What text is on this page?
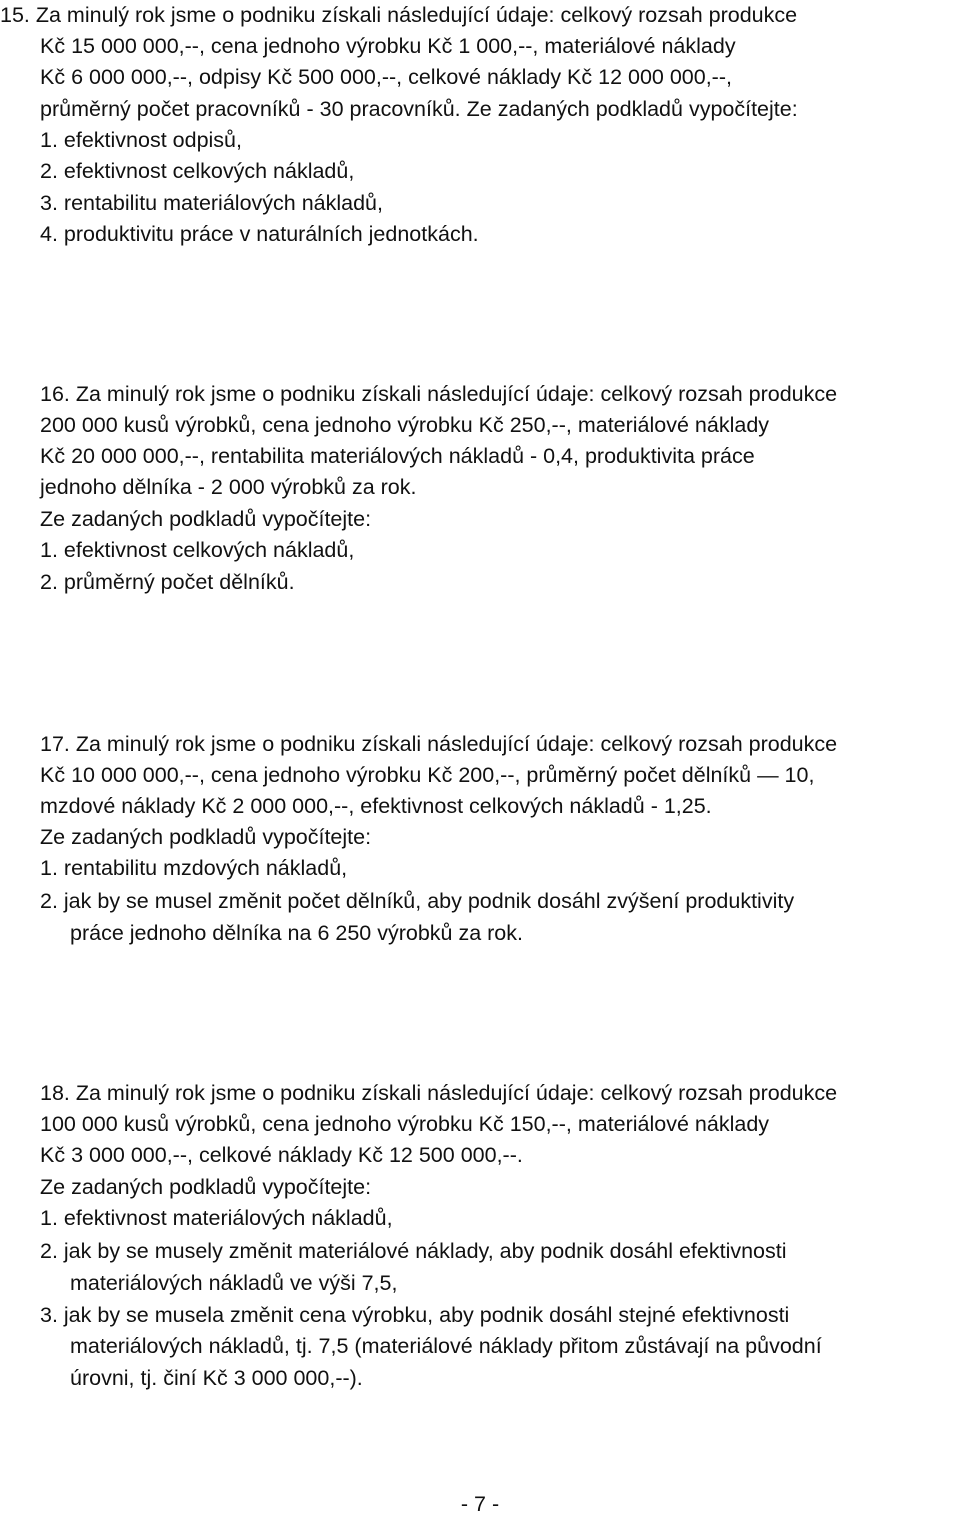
15. Za minulý rok jsme o podniku získali následující údaje: celkový rozsah produkce
Kč 15 000 000,--, cena jednoho výrobku Kč 1 000,--, materiálové náklady
Kč 6 000 000,--, odpisy Kč 500 000,--, celkové náklady Kč 12 000 000,--,
průměrný počet pracovníků - 30 pracovníků. Ze zadaných podkladů vypočítejte:
1. efektivnost odpisů,
2. efektivnost celkových nákladů,
3. rentabilitu materiálových nákladů,
4. produktivitu práce v naturálních jednotkách.
16. Za minulý rok jsme o podniku získali následující údaje: celkový rozsah produkce
200 000 kusů výrobků, cena jednoho výrobku Kč 250,--, materiálové náklady
Kč 20 000 000,--, rentabilita materiálových nákladů - 0,4, produktivita práce
jednoho dělníka - 2 000 výrobků za rok.
Ze zadaných podkladů vypočítejte:
1. efektivnost celkových nákladů,
2. průměrný počet dělníků.
17. Za minulý rok jsme o podniku získali následující údaje: celkový rozsah produkce
Kč 10 000 000,--, cena jednoho výrobku Kč 200,--, průměrný počet dělníků — 10,
mzdové náklady Kč 2 000 000,--, efektivnost celkových nákladů - 1,25.
Ze zadaných podkladů vypočítejte:
1. rentabilitu mzdových nákladů,
2. jak by se musel změnit počet dělníků, aby podnik dosáhl zvýšení produktivity
práce jednoho dělníka na 6 250 výrobků za rok.
18. Za minulý rok jsme o podniku získali následující údaje: celkový rozsah produkce
100 000 kusů výrobků, cena jednoho výrobku Kč 150,--, materiálové náklady
Kč 3 000 000,--, celkové náklady Kč 12 500 000,--.
Ze zadaných podkladů vypočítejte:
1. efektivnost materiálových nákladů,
2. jak by se musely změnit materiálové náklady, aby podnik dosáhl efektivnosti
materiálových nákladů ve výši 7,5,
3. jak by se musela změnit cena výrobku, aby podnik dosáhl stejné efektivnosti
materiálových nákladů, tj. 7,5 (materiálové náklady přitom zůstávají na původní
úrovni, tj. činí Kč 3 000 000,--).
- 7 -
